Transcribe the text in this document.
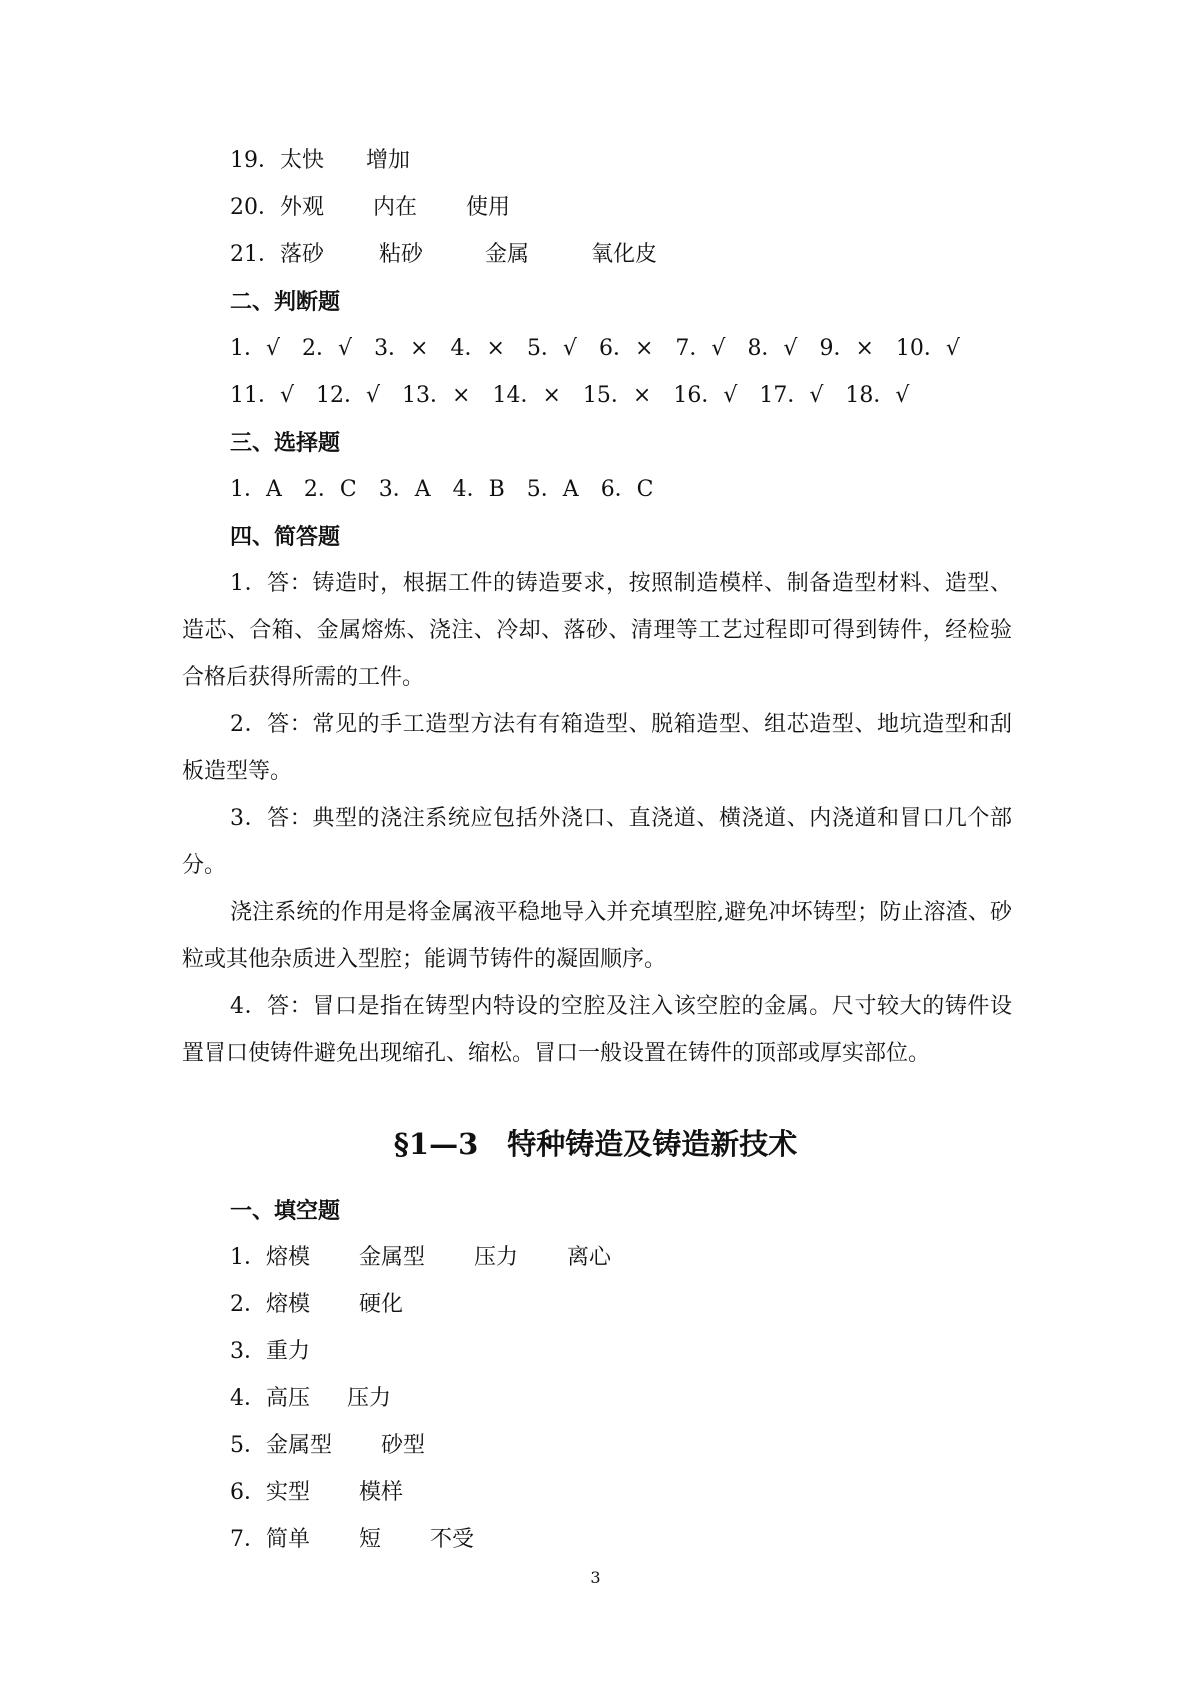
19．太快 增加
20．外观 内在 使用
21．落砂	粘砂	金属	氧化皮
二、判断题
1．√ 2．√ 3．× 4．× 5．√ 6．× 7．√ 8．√ 9．× 10．√
11．√ 12．√ 13．× 14．× 15．× 16．√ 17．√ 18．√
三、选择题
1．A 2．C 3．A 4．B 5．A 6．C
四、简答题
1．答：铸造时，根据工件的铸造要求，按照制造模样、制备造型材料、造型、造芯、合箱、金属熔炼、浇注、冷却、落砂、清理等工艺过程即可得到铸件，经检验合格后获得所需的工件。
2．答：常见的手工造型方法有有箱造型、脱箱造型、组芯造型、地坑造型和刮板造型等。
3．答：典型的浇注系统应包括外浇口、直浇道、横浇道、内浇道和冒口几个部分。
浇注系统的作用是将金属液平稳地导入并充填型腔,避免冲坏铸型；防止溶渣、砂粒或其他杂质进入型腔；能调节铸件的凝固顺序。
4．答：冒口是指在铸型内特设的空腔及注入该空腔的金属。尺寸较大的铸件设置冒口使铸件避免出现缩孔、缩松。冒口一般设置在铸件的顶部或厚实部位。
§1—3　特种铸造及铸造新技术
一、填空题
1．熔模 金属型 压力 离心
2．熔模 硬化
3．重力
4．高压 压力
5．金属型 砂型
6．实型 模样
7．简单 短 不受
3
